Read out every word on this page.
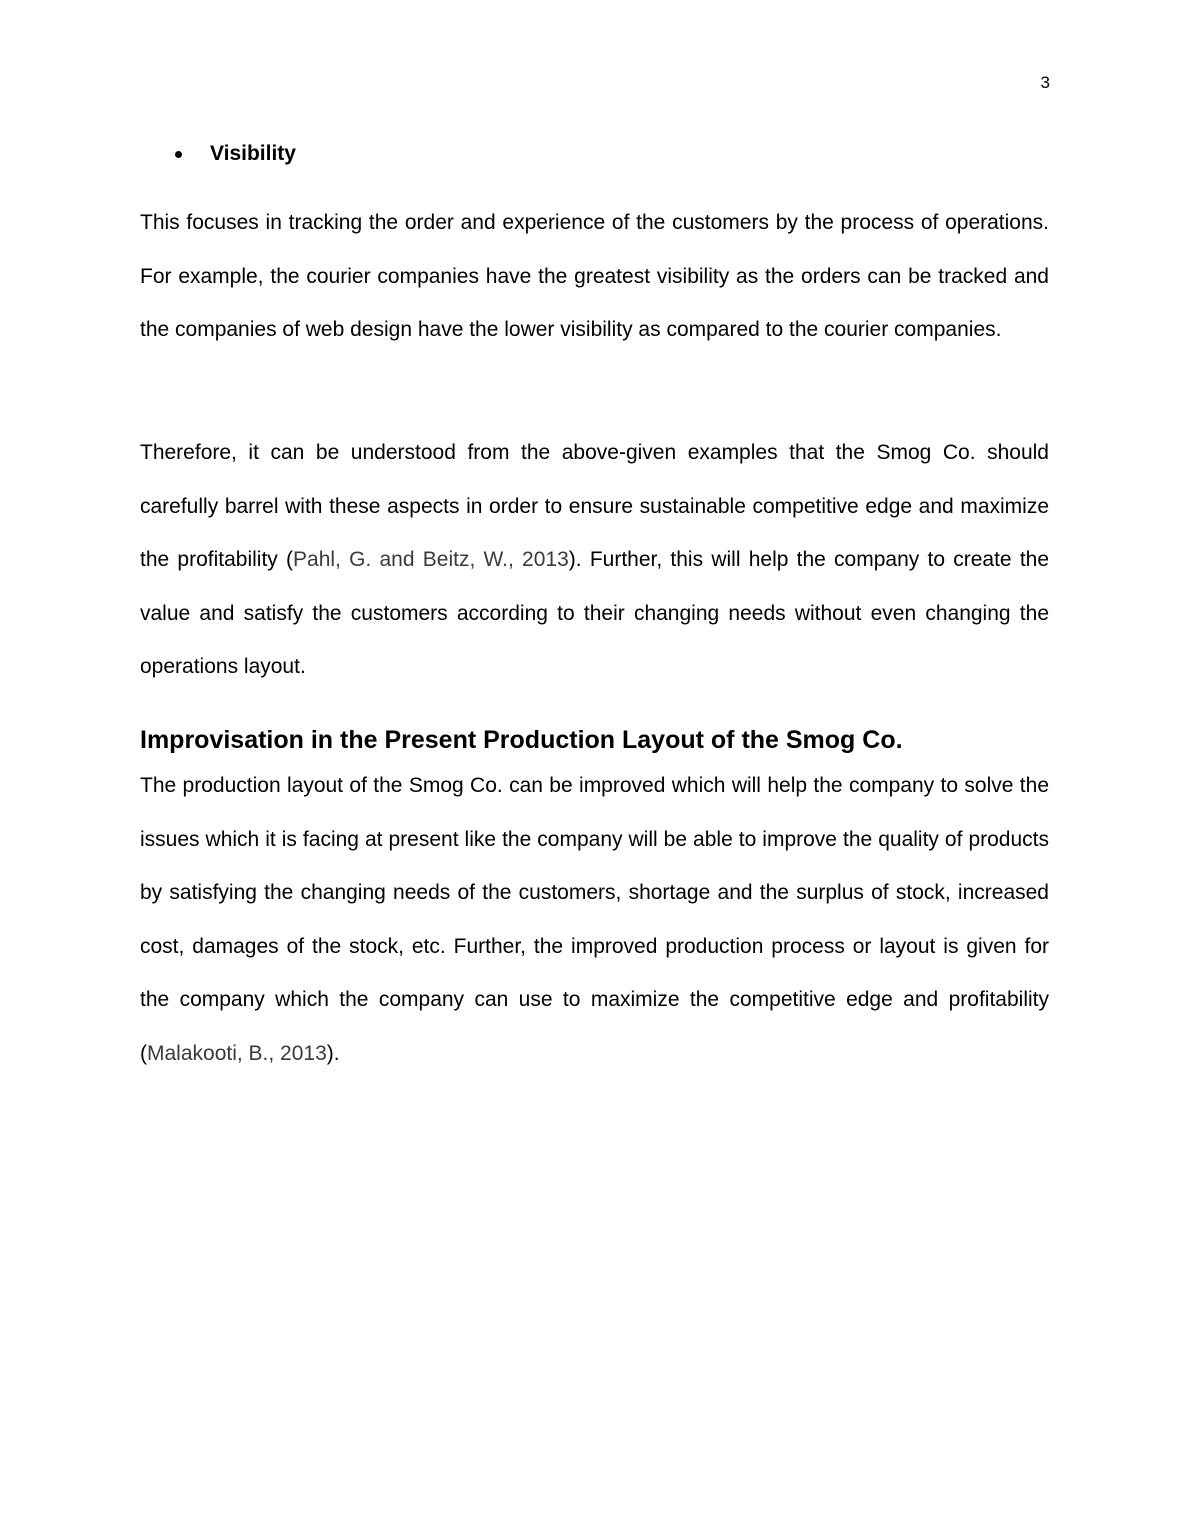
3
Visibility

This focuses in tracking the order and experience of the customers by the process of operations. For example, the courier companies have the greatest visibility as the orders can be tracked and the companies of web design have the lower visibility as compared to the courier companies.

Therefore, it can be understood from the above-given examples that the Smog Co. should carefully barrel with these aspects in order to ensure sustainable competitive edge and maximize the profitability (Pahl, G. and Beitz, W., 2013). Further, this will help the company to create the value and satisfy the customers according to their changing needs without even changing the operations layout.

Improvisation in the Present Production Layout of the Smog Co.

The production layout of the Smog Co. can be improved which will help the company to solve the issues which it is facing at present like the company will be able to improve the quality of products by satisfying the changing needs of the customers, shortage and the surplus of stock, increased cost, damages of the stock, etc. Further, the improved production process or layout is given for the company which the company can use to maximize the competitive edge and profitability (Malakooti, B., 2013).
